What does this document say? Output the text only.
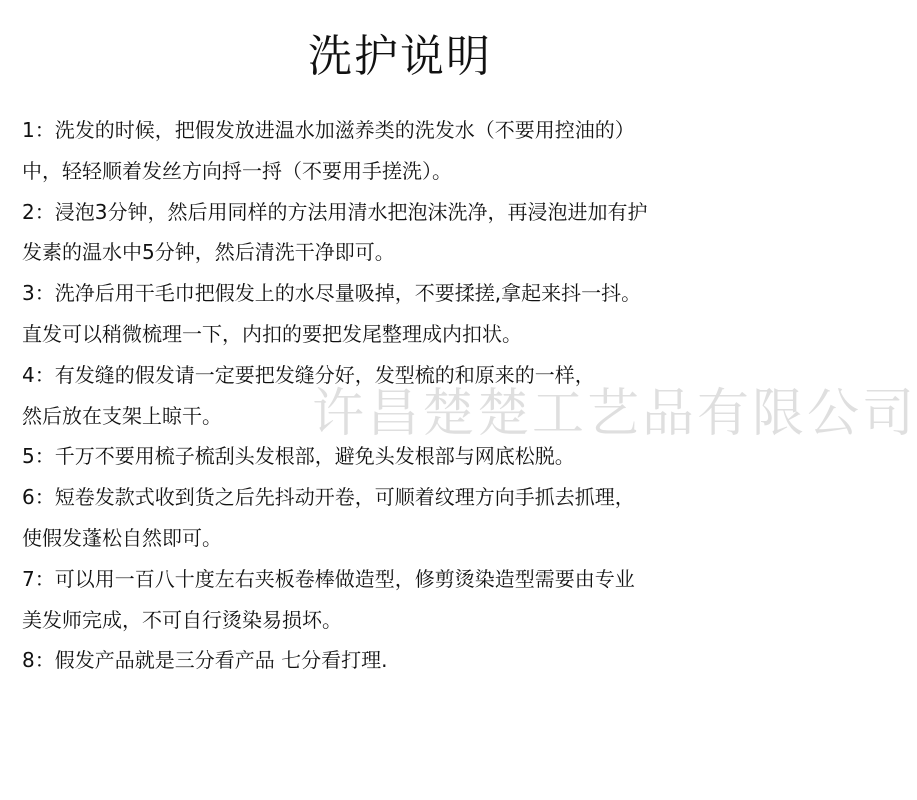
洗护说明
1：洗发的时候，把假发放进温水加滋养类的洗发水（不要用控油的）
中，轻轻顺着发丝方向捋一捋（不要用手搓洗）。
2：浸泡3分钟，然后用同样的方法用清水把泡沫洗净，再浸泡进加有护
发素的温水中5分钟，然后清洗干净即可。
3：洗净后用干毛巾把假发上的水尽量吸掉，不要揉搓,拿起来抖一抖。
直发可以稍微梳理一下，内扣的要把发尾整理成内扣状。
4：有发缝的假发请一定要把发缝分好，发型梳的和原来的一样，
然后放在支架上晾干。
5：千万不要用梳子梳刮头发根部，避免头发根部与网底松脱。
6：短卷发款式收到货之后先抖动开卷，可顺着纹理方向手抓去抓理，
使假发蓬松自然即可。
7：可以用一百八十度左右夹板卷棒做造型，修剪烫染造型需要由专业
美发师完成，不可自行烫染易损坏。
8：假发产品就是三分看产品 七分看打理.
许昌楚楚工艺品有限公司
